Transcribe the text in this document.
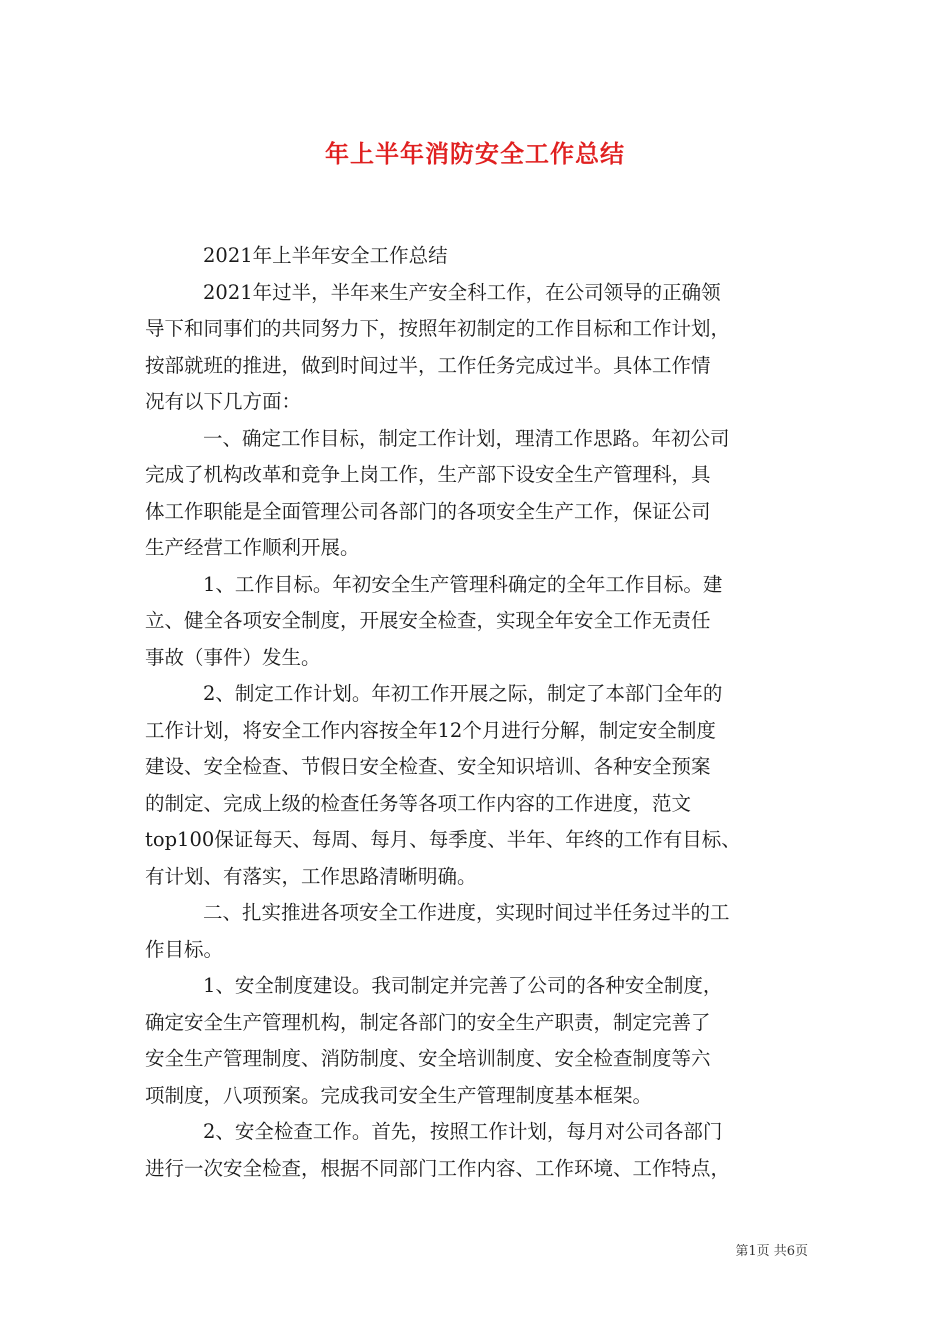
年上半年消防安全工作总结
2021年上半年安全工作总结
2021年过半，半年来生产安全科工作，在公司领导的正确领
导下和同事们的共同努力下，按照年初制定的工作目标和工作计划，
按部就班的推进，做到时间过半，工作任务完成过半。具体工作情
况有以下几方面：
一、确定工作目标，制定工作计划，理清工作思路。年初公司
完成了机构改革和竞争上岗工作，生产部下设安全生产管理科，具
体工作职能是全面管理公司各部门的各项安全生产工作，保证公司
生产经营工作顺利开展。
1、工作目标。年初安全生产管理科确定的全年工作目标。建
立、健全各项安全制度，开展安全检查，实现全年安全工作无责任
事故（事件）发生。
2、制定工作计划。年初工作开展之际，制定了本部门全年的
工作计划，将安全工作内容按全年12个月进行分解，制定安全制度
建设、安全检查、节假日安全检查、安全知识培训、各种安全预案
的制定、完成上级的检查任务等各项工作内容的工作进度，范文
top100保证每天、每周、每月、每季度、半年、年终的工作有目标、
有计划、有落实，工作思路清晰明确。
二、扎实推进各项安全工作进度，实现时间过半任务过半的工
作目标。
1、安全制度建设。我司制定并完善了公司的各种安全制度，
确定安全生产管理机构，制定各部门的安全生产职责，制定完善了
安全生产管理制度、消防制度、安全培训制度、安全检查制度等六
项制度，八项预案。完成我司安全生产管理制度基本框架。
2、安全检查工作。首先，按照工作计划，每月对公司各部门
进行一次安全检查，根据不同部门工作内容、工作环境、工作特点，
第1页 共6页
